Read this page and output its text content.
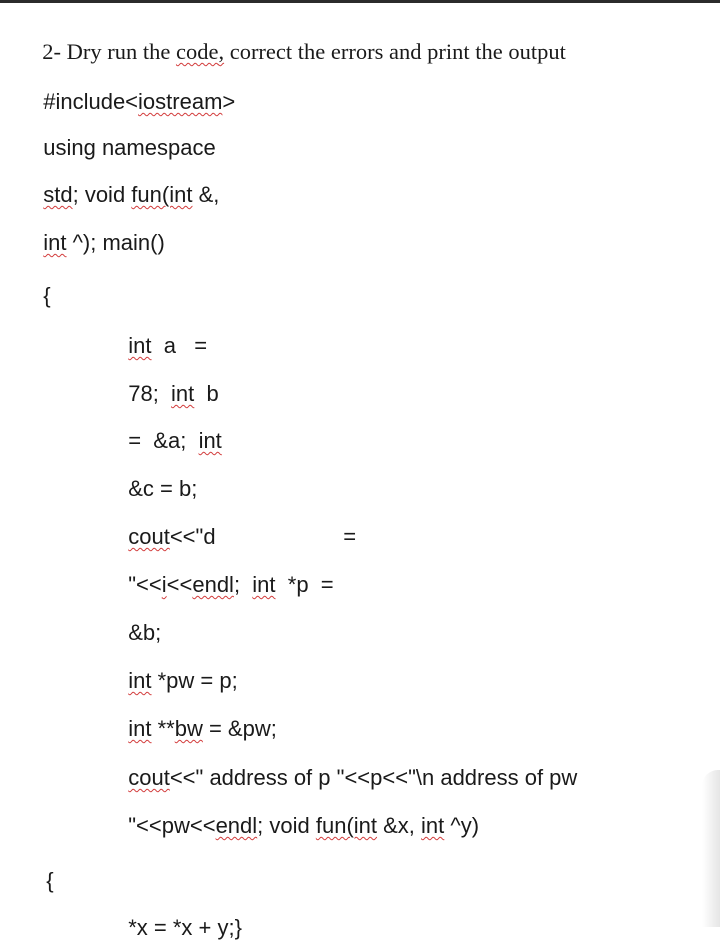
2- Dry run the code, correct the errors and print the output

#include<iostream>

using namespace

std; void fun(int &,

int ^); main()

{

int  a   =

78;  int  b

=  &a;  int

&c = b;

cout<<"d	=

"<<i<<endl;  int  *p  =

&b;

int *pw = p;

int **bw = &pw;

cout<<" address of p "<<p<<"\n address of pw

"<<pw<<endl; void fun(int &x, int ^y)

{

*x = *x + y;}
